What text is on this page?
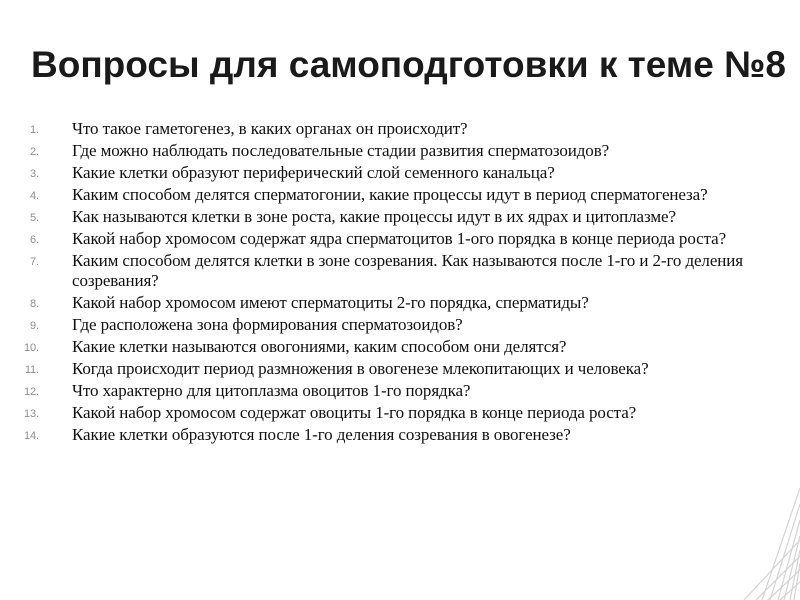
Вопросы для самоподготовки к теме №8
1. Что такое гаметогенез, в каких органах он происходит?
2. Где можно наблюдать последовательные стадии развития сперматозоидов?
3. Какие клетки образуют периферический слой семенного канальца?
4. Каким способом делятся сперматогонии, какие процессы идут в период сперматогенеза?
5. Как называются клетки в зоне роста, какие процессы идут в их ядрах и цитоплазме?
6. Какой набор хромосом содержат ядра сперматоцитов 1-ого порядка в конце периода роста?
7. Каким способом делятся клетки в зоне созревания. Как называются после 1-го и 2-го деления созревания?
8. Какой набор хромосом имеют сперматоциты 2-го порядка, сперматиды?
9. Где расположена зона формирования сперматозоидов?
10. Какие клетки называются овогониями, каким способом они делятся?
11. Когда происходит период размножения в овогенезе млекопитающих и человека?
12. Что характерно для цитоплазма овоцитов 1-го порядка?
13. Какой набор хромосом содержат овоциты 1-го порядка в конце периода роста?
14. Какие клетки образуются после 1-го деления созревания в овогенезе?
